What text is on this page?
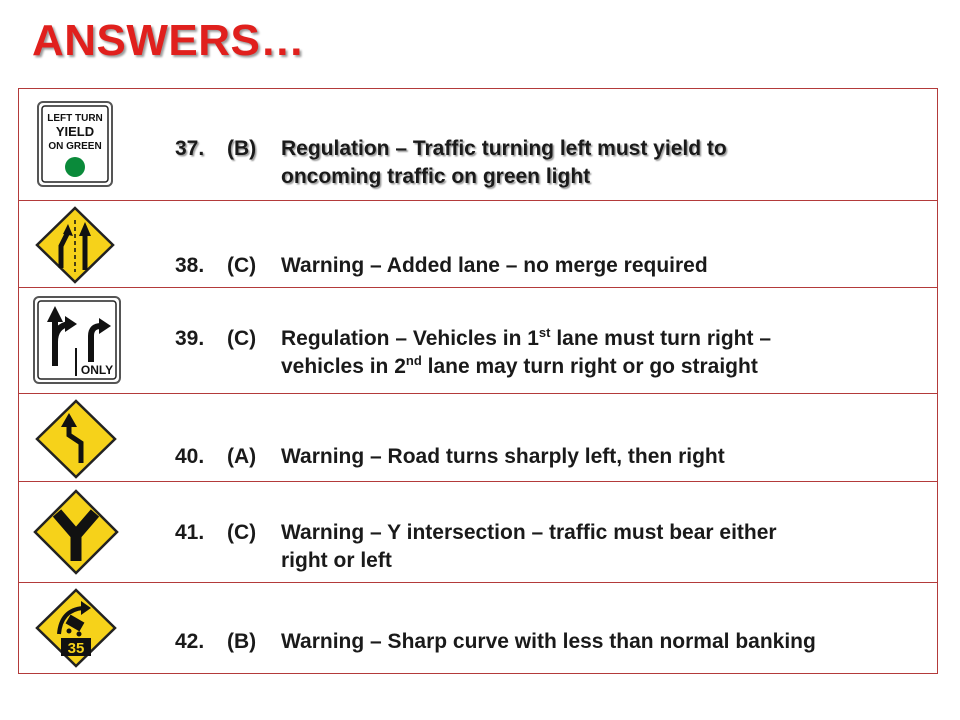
ANSWERS…
LEFT TURN
YIELD
ON GREEN	37. (B) Regulation – Traffic turning left must yield to
oncoming traffic on green light
38. (C) Warning – Added lane – no merge required
ONLY
39. (C) Regulation – Vehicles in 1st lane must turn right –
vehicles in 2nd lane may turn right or go straight
40. (A) Warning – Road turns sharply left, then right
41. (C) Warning – Y intersection – traffic must bear either
right or left
35	42. (B) Warning – Sharp curve with less than normal banking
